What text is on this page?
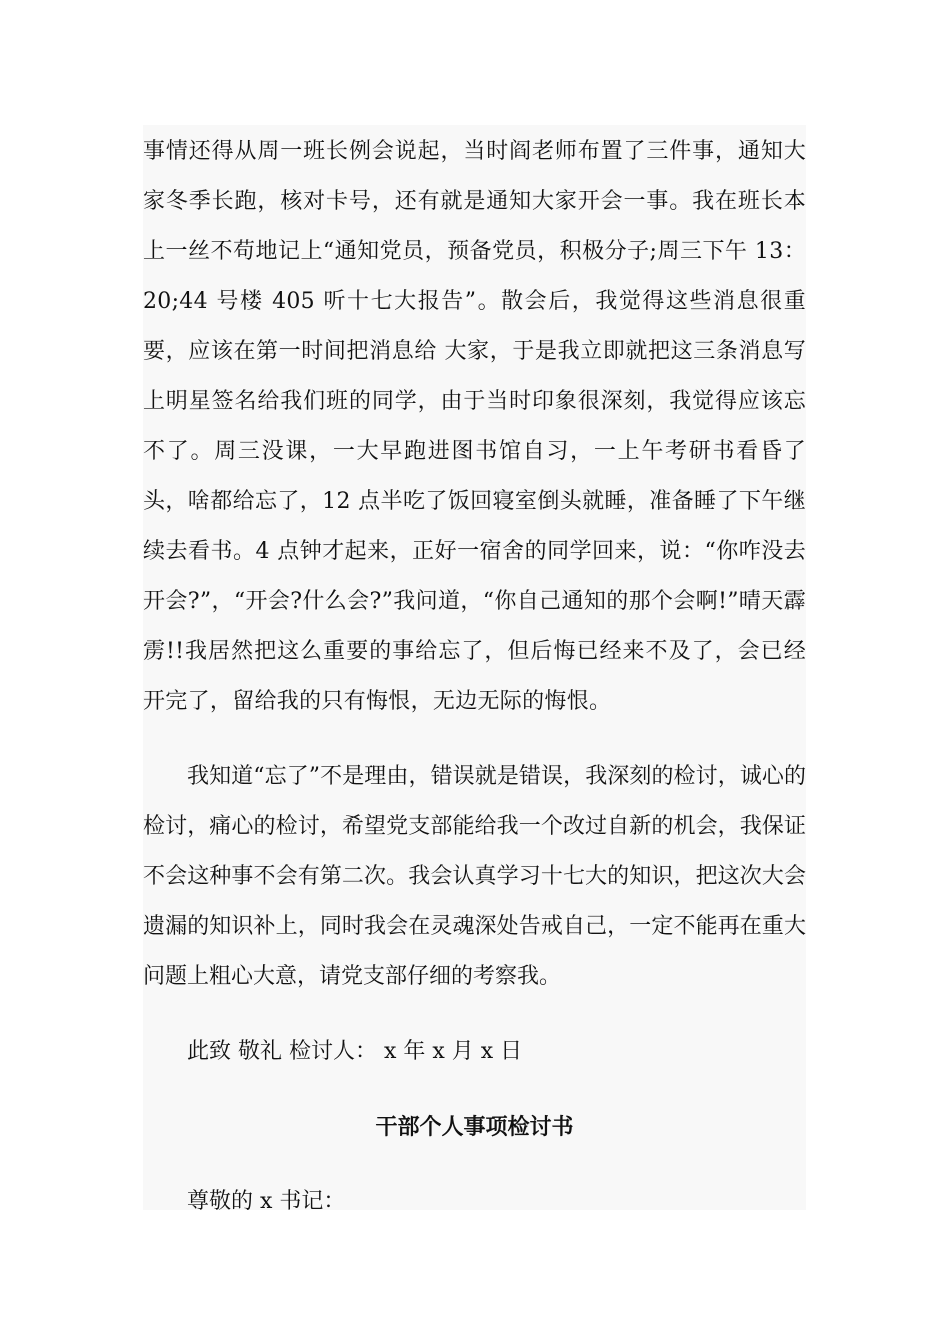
事情还得从周一班长例会说起，当时阎老师布置了三件事，通知大家冬季长跑，核对卡号，还有就是通知大家开会一事。我在班长本上一丝不苟地记上“通知党员，预备党员，积极分子;周三下午 13：20;44 号楼 405 听十七大报告”。散会后，我觉得这些消息很重要，应该在第一时间把消息给 大家，于是我立即就把这三条消息写上明星签名给我们班的同学，由于当时印象很深刻，我觉得应该忘不了。周三没课，一大早跑进图书馆自习，一上午考研书看昏了头，啥都给忘了，12 点半吃了饭回寝室倒头就睡，准备睡了下午继续去看书。4 点钟才起来，正好一宿舍的同学回来，说：“你咋没去开会?”，“开会?什么会?”我问道，“你自己通知的那个会啊!”晴天霹雳!!我居然把这么重要的事给忘了，但后悔已经来不及了，会已经开完了，留给我的只有悔恨，无边无际的悔恨。

我知道“忘了”不是理由，错误就是错误，我深刻的检讨，诚心的检讨，痛心的检讨，希望党支部能给我一个改过自新的机会，我保证不会这种事不会有第二次。我会认真学习十七大的知识，把这次大会遗漏的知识补上，同时我会在灵魂深处告戒自己，一定不能再在重大问题上粗心大意，请党支部仔细的考察我。

此致 敬礼 检讨人： x 年 x 月 x 日

干部个人事项检讨书

尊敬的 x 书记：
